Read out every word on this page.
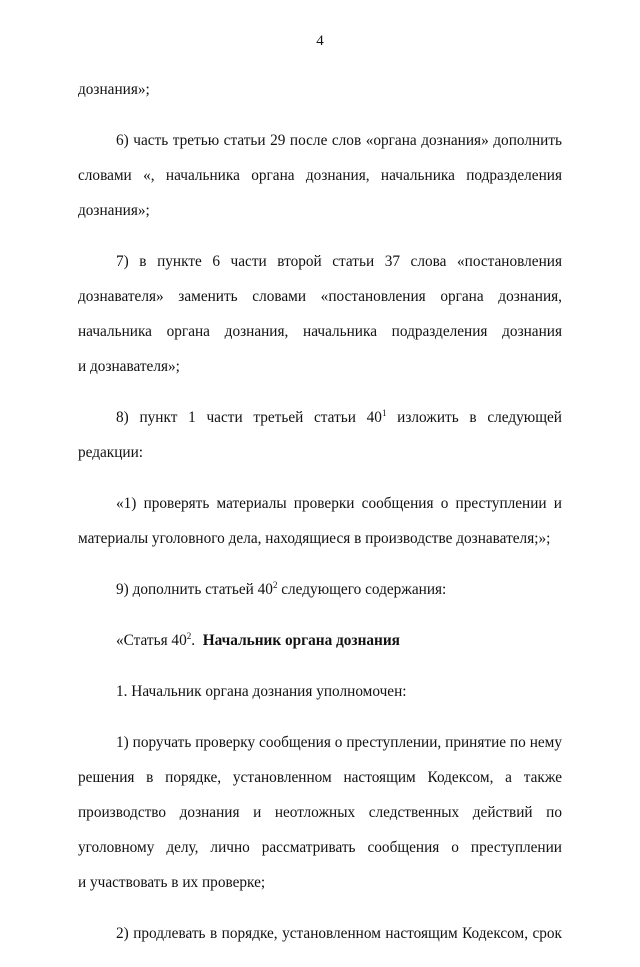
4

дознания»;

6) часть третью статьи 29 после слов «органа дознания» дополнить
словами «, начальника органа дознания, начальника подразделения
дознания»;

7) в пункте 6 части второй статьи 37 слова «постановления
дознавателя» заменить словами «постановления органа дознания,
начальника органа дознания, начальника подразделения дознания
и дознавателя»;

8) пункт 1 части третьей статьи $40^1$ изложить в следующей
редакции:

«1) проверять материалы проверки сообщения о преступлении и
материалы уголовного дела, находящиеся в производстве дознавателя;»;

9) дополнить статьей $40^2$ следующего содержания:

«Статья $40^2$. Начальник органа дознания

1. Начальник органа дознания уполномочен:

1) поручать проверку сообщения о преступлении, принятие по нему
решения в порядке, установленном настоящим Кодексом, а также
производство дознания и неотложных следственных действий по
уголовному делу, лично рассматривать сообщения о преступлении
и участвовать в их проверке;

2) продлевать в порядке, установленном настоящим Кодексом, срок
